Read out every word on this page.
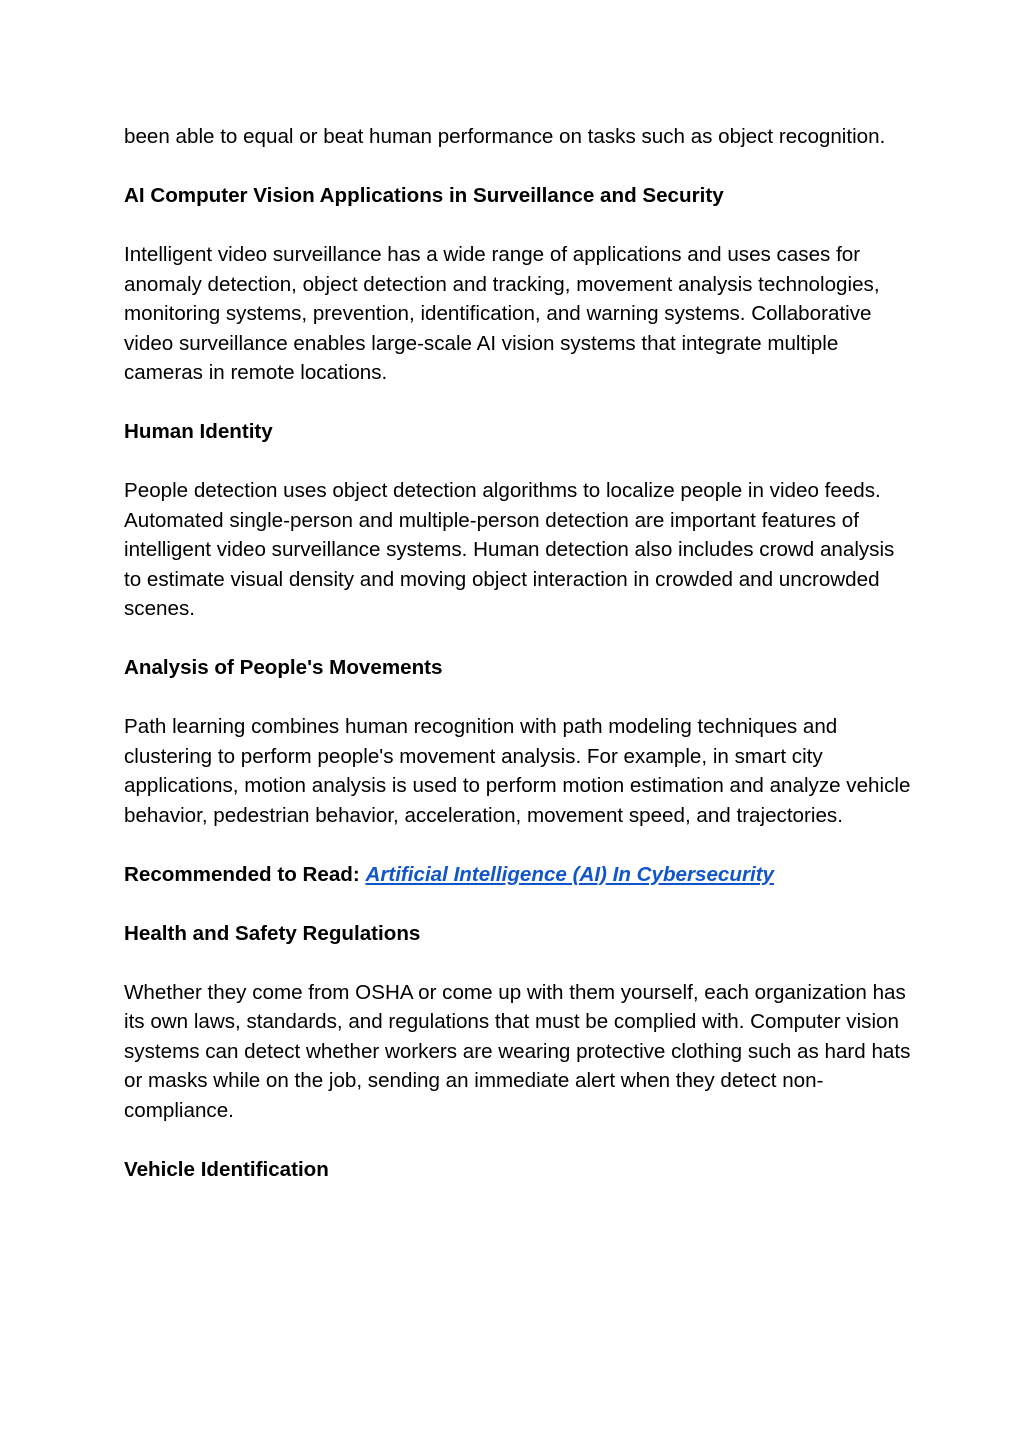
been able to equal or beat human performance on tasks such as object recognition.

AI Computer Vision Applications in Surveillance and Security

Intelligent video surveillance has a wide range of applications and uses cases for anomaly detection, object detection and tracking, movement analysis technologies, monitoring systems, prevention, identification, and warning systems. Collaborative video surveillance enables large-scale AI vision systems that integrate multiple cameras in remote locations.

Human Identity

People detection uses object detection algorithms to localize people in video feeds. Automated single-person and multiple-person detection are important features of intelligent video surveillance systems. Human detection also includes crowd analysis to estimate visual density and moving object interaction in crowded and uncrowded scenes.

Analysis of People's Movements

Path learning combines human recognition with path modeling techniques and clustering to perform people's movement analysis. For example, in smart city applications, motion analysis is used to perform motion estimation and analyze vehicle behavior, pedestrian behavior, acceleration, movement speed, and trajectories.

Recommended to Read: Artificial Intelligence (AI) In Cybersecurity

Health and Safety Regulations

Whether they come from OSHA or come up with them yourself, each organization has its own laws, standards, and regulations that must be complied with. Computer vision systems can detect whether workers are wearing protective clothing such as hard hats or masks while on the job, sending an immediate alert when they detect non-compliance.

Vehicle Identification
